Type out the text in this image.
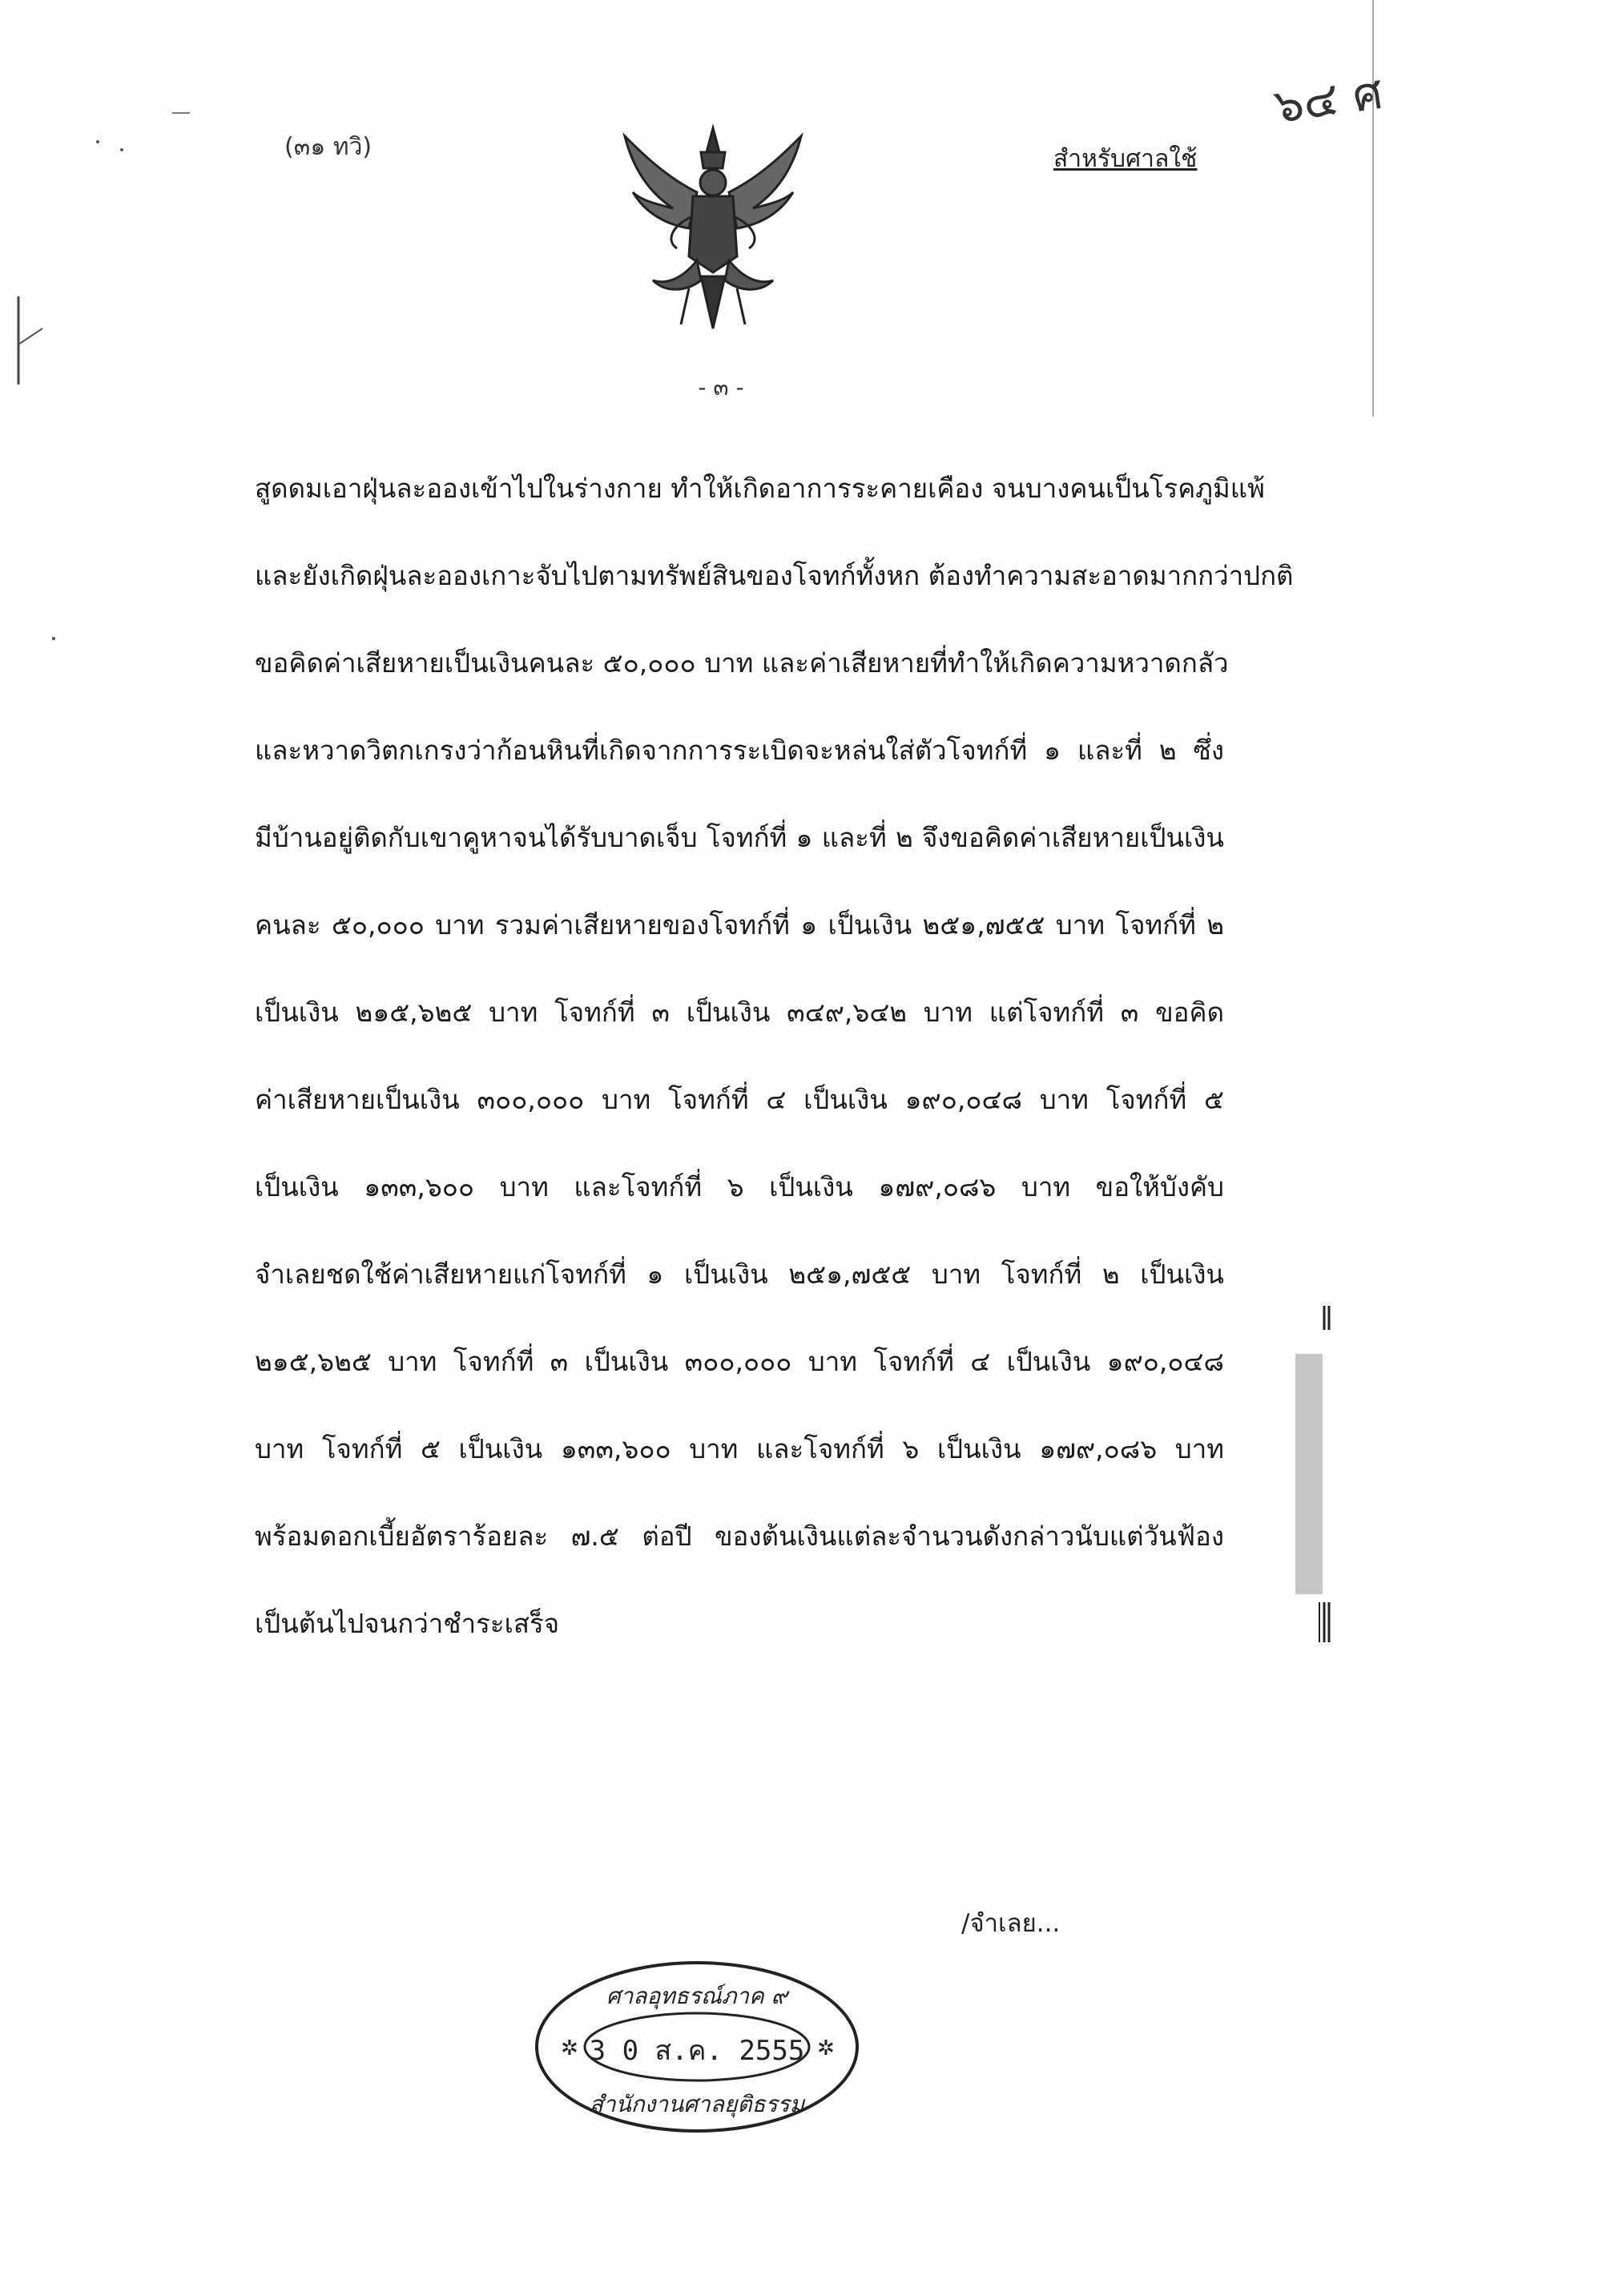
(๓๑ ทวิ)	สำหรับศาลใช้
๖๔ ศ
- ๓ -
สูดดมเอาฝุ่นละอองเข้าไปในร่างกาย ทำให้เกิดอาการระคายเคือง จนบางคนเป็นโรคภูมิแพ้
และยังเกิดฝุ่นละอองเกาะจับไปตามทรัพย์สินของโจทก์ทั้งหก ต้องทำความสะอาดมากกว่าปกติ
ขอคิดค่าเสียหายเป็นเงินคนละ ๕๐,๐๐๐ บาท และค่าเสียหายที่ทำให้เกิดความหวาดกลัว
และหวาดวิตกเกรงว่าก้อนหินที่เกิดจากการระเบิดจะหล่นใส่ตัวโจทก์ที่ ๑ และที่ ๒ ซึ่ง
มีบ้านอยู่ติดกับเขาคูหาจนได้รับบาดเจ็บ โจทก์ที่ ๑ และที่ ๒ จึงขอคิดค่าเสียหายเป็นเงิน
คนละ ๕๐,๐๐๐ บาท รวมค่าเสียหายของโจทก์ที่ ๑ เป็นเงิน ๒๕๑,๗๕๕ บาท โจทก์ที่ ๒
เป็นเงิน ๒๑๕,๖๒๕ บาท โจทก์ที่ ๓ เป็นเงิน ๓๔๙,๖๔๒ บาท แต่โจทก์ที่ ๓ ขอคิด
ค่าเสียหายเป็นเงิน ๓๐๐,๐๐๐ บาท โจทก์ที่ ๔ เป็นเงิน ๑๙๐,๐๔๘ บาท โจทก์ที่ ๕
เป็นเงิน ๑๓๓,๖๐๐ บาท และโจทก์ที่ ๖ เป็นเงิน ๑๗๙,๐๘๖ บาท ขอให้บังคับ
จำเลยชดใช้ค่าเสียหายแก่โจทก์ที่ ๑ เป็นเงิน ๒๕๑,๗๕๕ บาท โจทก์ที่ ๒ เป็นเงิน
๒๑๕,๖๒๕ บาท โจทก์ที่ ๓ เป็นเงิน ๓๐๐,๐๐๐ บาท โจทก์ที่ ๔ เป็นเงิน ๑๙๐,๐๔๘
บาท โจทก์ที่ ๕ เป็นเงิน ๑๓๓,๖๐๐ บาท และโจทก์ที่ ๖ เป็นเงิน ๑๗๙,๐๘๖ บาท
พร้อมดอกเบี้ยอัตราร้อยละ ๗.๕ ต่อปี ของต้นเงินแต่ละจำนวนดังกล่าวนับแต่วันฟ้อง
เป็นต้นไปจนกว่าชำระเสร็จ
/จำเลย...
✲	✲
ศาลอุทธรณ์ภาค ๙
3 0 ส.ค. 2555
สำนักงานศาลยุติธรรม
